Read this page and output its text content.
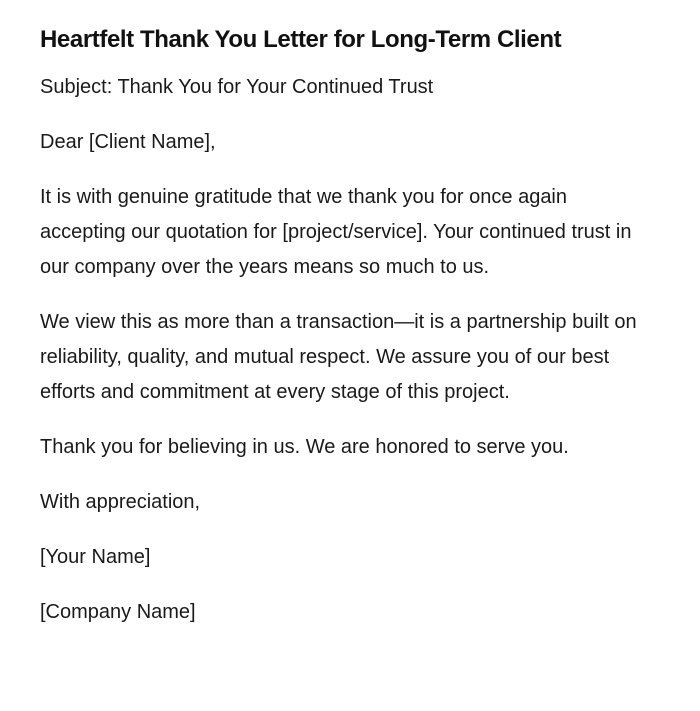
Heartfelt Thank You Letter for Long-Term Client

Subject: Thank You for Your Continued Trust

Dear [Client Name],

It is with genuine gratitude that we thank you for once again accepting our quotation for [project/service]. Your continued trust in our company over the years means so much to us.

We view this as more than a transaction—it is a partnership built on reliability, quality, and mutual respect. We assure you of our best efforts and commitment at every stage of this project.

Thank you for believing in us. We are honored to serve you.

With appreciation,

[Your Name]

[Company Name]
